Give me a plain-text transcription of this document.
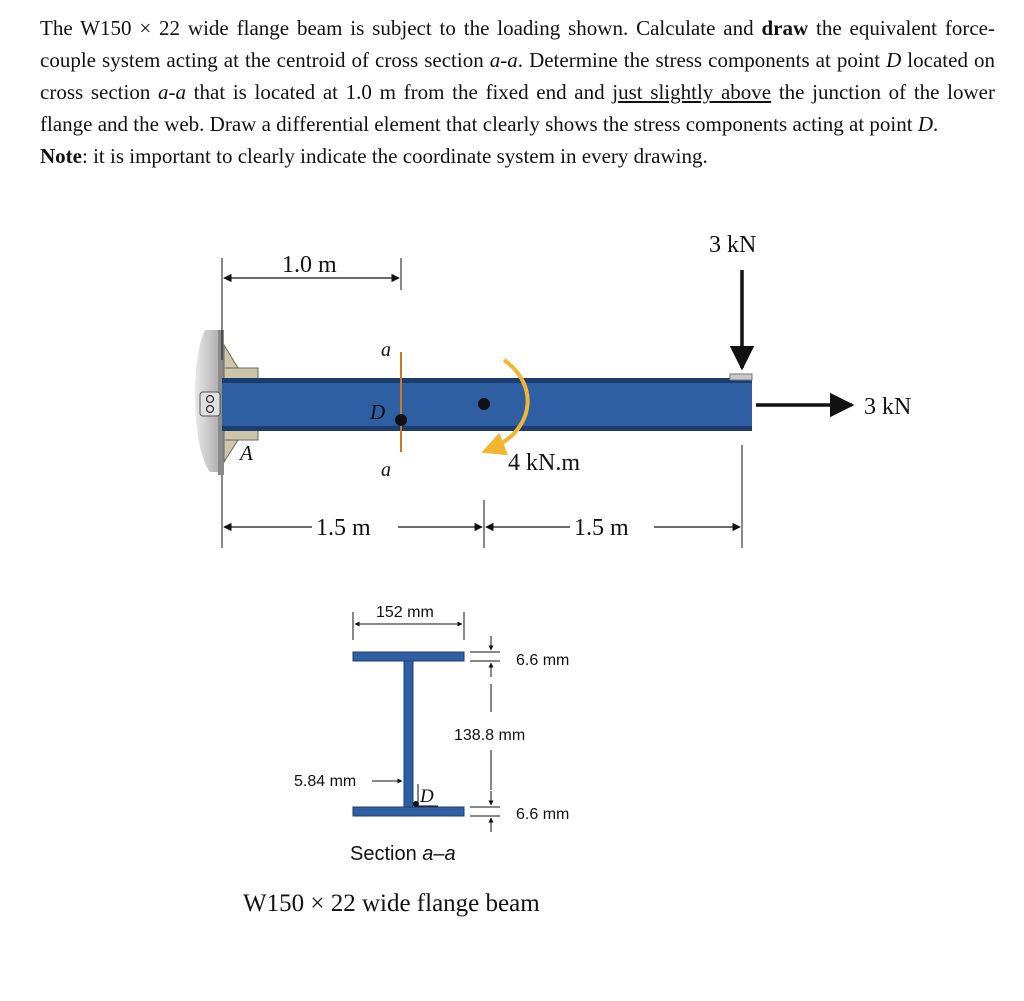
The W150 × 22 wide flange beam is subject to the loading shown. Calculate and draw the equivalent force-couple system acting at the centroid of cross section a-a. Determine the stress components at point D located on cross section a-a that is located at 1.0 m from the fixed end and just slightly above the junction of the lower flange and the web. Draw a differential element that clearly shows the stress components acting at point D.

Note: it is important to clearly indicate the coordinate system in every drawing.

a
a
D
A	4 kN.m
1.0 m
3 kN
3 kN
1.5 m	1.5 m
D
152 mm
6.6 mm
138.8 mm
6.6 mm
5.84 mm
Section a–a
W150 × 22 wide flange beam
